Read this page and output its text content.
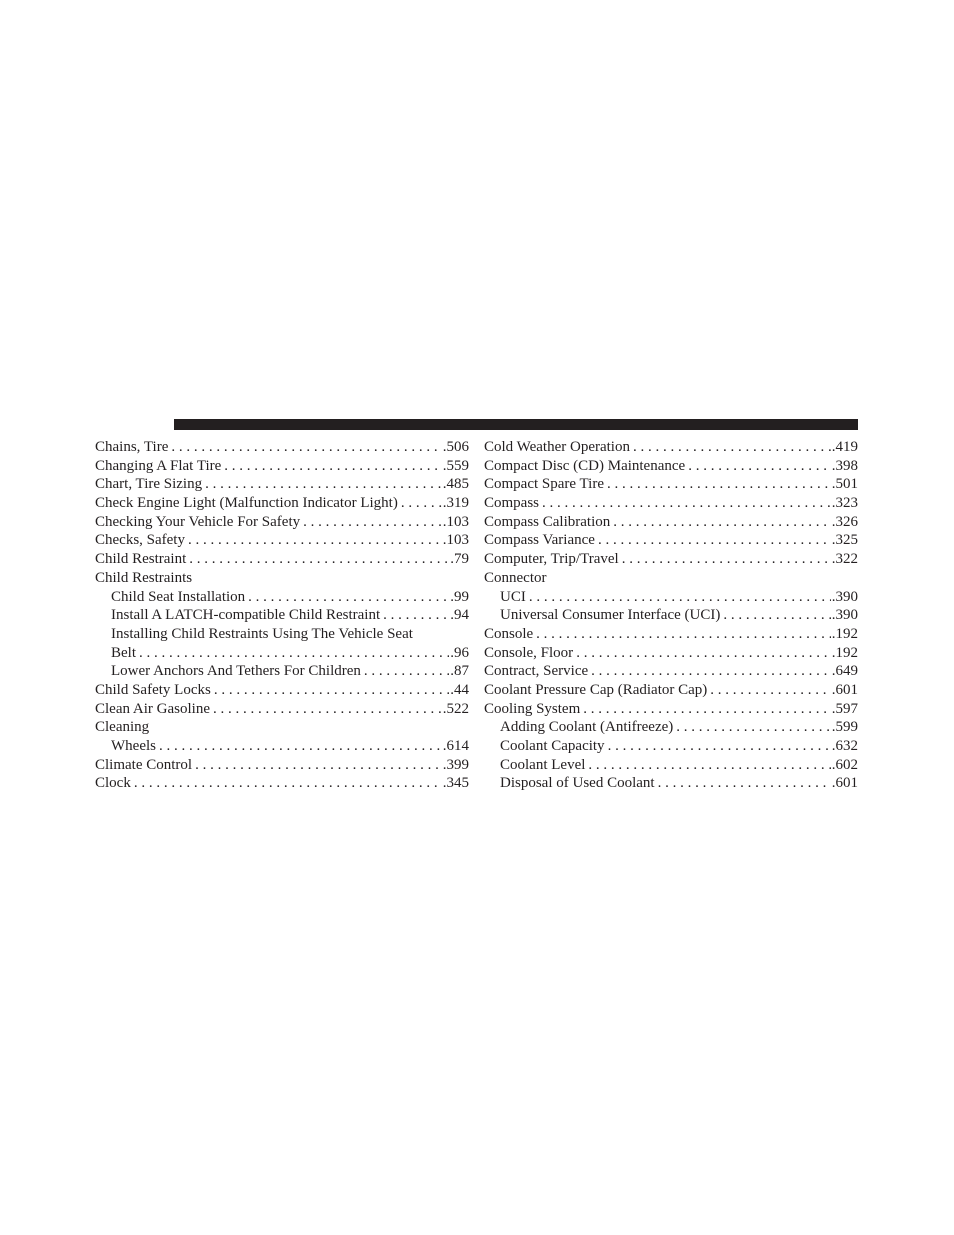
Chains, Tire . . .	.506
Changing A Flat Tire . . .	.559
Chart, Tire Sizing . . .	.485
Check Engine Light (Malfunction Indicator Light) . . .	.319
Checking Your Vehicle For Safety . . .	.103
Checks, Safety . . .	.103
Child Restraint . . .	.79
Child Restraints
Child Seat Installation . . .	.99
Install A LATCH-compatible Child Restraint . . .	.94
Installing Child Restraints Using The Vehicle Seat
Belt . . .	.96
Lower Anchors And Tethers For Children . . .	.87
Child Safety Locks . . .	.44
Clean Air Gasoline . . .	.522
Cleaning
Wheels . . .	.614
Climate Control . . .	.399
Clock . . .	.345
Cold Weather Operation . . .	.419
Compact Disc (CD) Maintenance . . .	.398
Compact Spare Tire . . .	.501
Compass . . .	.323
Compass Calibration . . .	.326
Compass Variance . . .	.325
Computer, Trip/Travel . . .	.322
Connector
UCI . . .	.390
Universal Consumer Interface (UCI) . . .	.390
Console . . .	.192
Console, Floor . . .	.192
Contract, Service . . .	.649
Coolant Pressure Cap (Radiator Cap) . . .	.601
Cooling System . . .	.597
Adding Coolant (Antifreeze) . . .	.599
Coolant Capacity . . .	.632
Coolant Level . . .	.602
Disposal of Used Coolant . . .	.601
